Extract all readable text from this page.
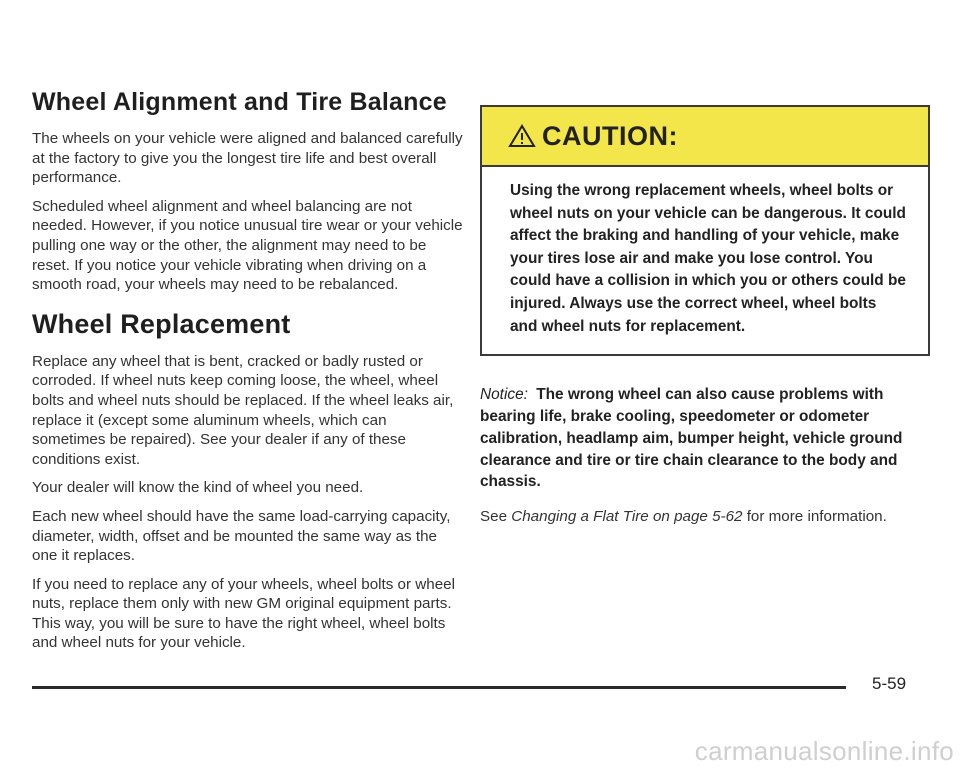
Wheel Alignment and Tire Balance

The wheels on your vehicle were aligned and balanced carefully at the factory to give you the longest tire life and best overall performance.

Scheduled wheel alignment and wheel balancing are not needed. However, if you notice unusual tire wear or your vehicle pulling one way or the other, the alignment may need to be reset. If you notice your vehicle vibrating when driving on a smooth road, your wheels may need to be rebalanced.

Wheel Replacement

Replace any wheel that is bent, cracked or badly rusted or corroded. If wheel nuts keep coming loose, the wheel, wheel bolts and wheel nuts should be replaced. If the wheel leaks air, replace it (except some aluminum wheels, which can sometimes be repaired). See your dealer if any of these conditions exist.

Your dealer will know the kind of wheel you need.

Each new wheel should have the same load-carrying capacity, diameter, width, offset and be mounted the same way as the one it replaces.

If you need to replace any of your wheels, wheel bolts or wheel nuts, replace them only with new GM original equipment parts. This way, you will be sure to have the right wheel, wheel bolts and wheel nuts for your vehicle.

CAUTION:
Using the wrong replacement wheels, wheel bolts or wheel nuts on your vehicle can be dangerous. It could affect the braking and handling of your vehicle, make your tires lose air and make you lose control. You could have a collision in which you or others could be injured. Always use the correct wheel, wheel bolts and wheel nuts for replacement.
Notice: The wrong wheel can also cause problems with bearing life, brake cooling, speedometer or odometer calibration, headlamp aim, bumper height, vehicle ground clearance and tire or tire chain clearance to the body and chassis.
See Changing a Flat Tire on page 5-62 for more information.
5-59
carmanualsonline.info
